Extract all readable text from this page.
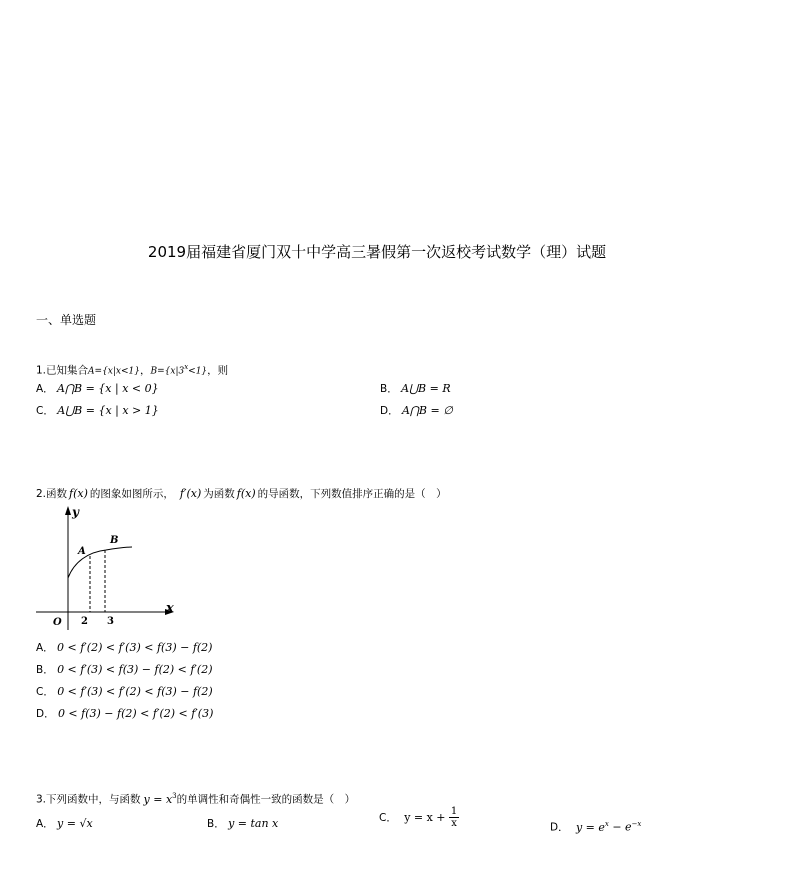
2019届福建省厦门双十中学高三暑假第一次返校考试数学（理）试题
一、单选题
1.已知集合A={x|x<1}，$B=\{x|3^x<1\}$，则
A． A⋂B = {x | x < 0}	B． A⋃B = R
C． A⋃B = {x | x > 1}	D． A⋂B = ∅
2.函数 f(x) 的图象如图所示， f′(x) 为函数 f(x) 的导函数，下列数值排序正确的是（　）
y
x
O
A
B
2 3
A． 0 < f′(2) < f′(3) < f(3) − f(2)
B． 0 < f′(3) < f(3) − f(2) < f′(2)
C． 0 < f′(3) < f′(2) < f(3) − f(2)
D． 0 < f(3) − f(2) < f′(2) < f′(3)
3.下列函数中，与函数 $y = x^3$的单调性和奇偶性一致的函数是（　）
A． y = √x	B． y = tan x	C． $y = x + \frac{1}{x}$	D． $y = e^x - e^{-x}$
